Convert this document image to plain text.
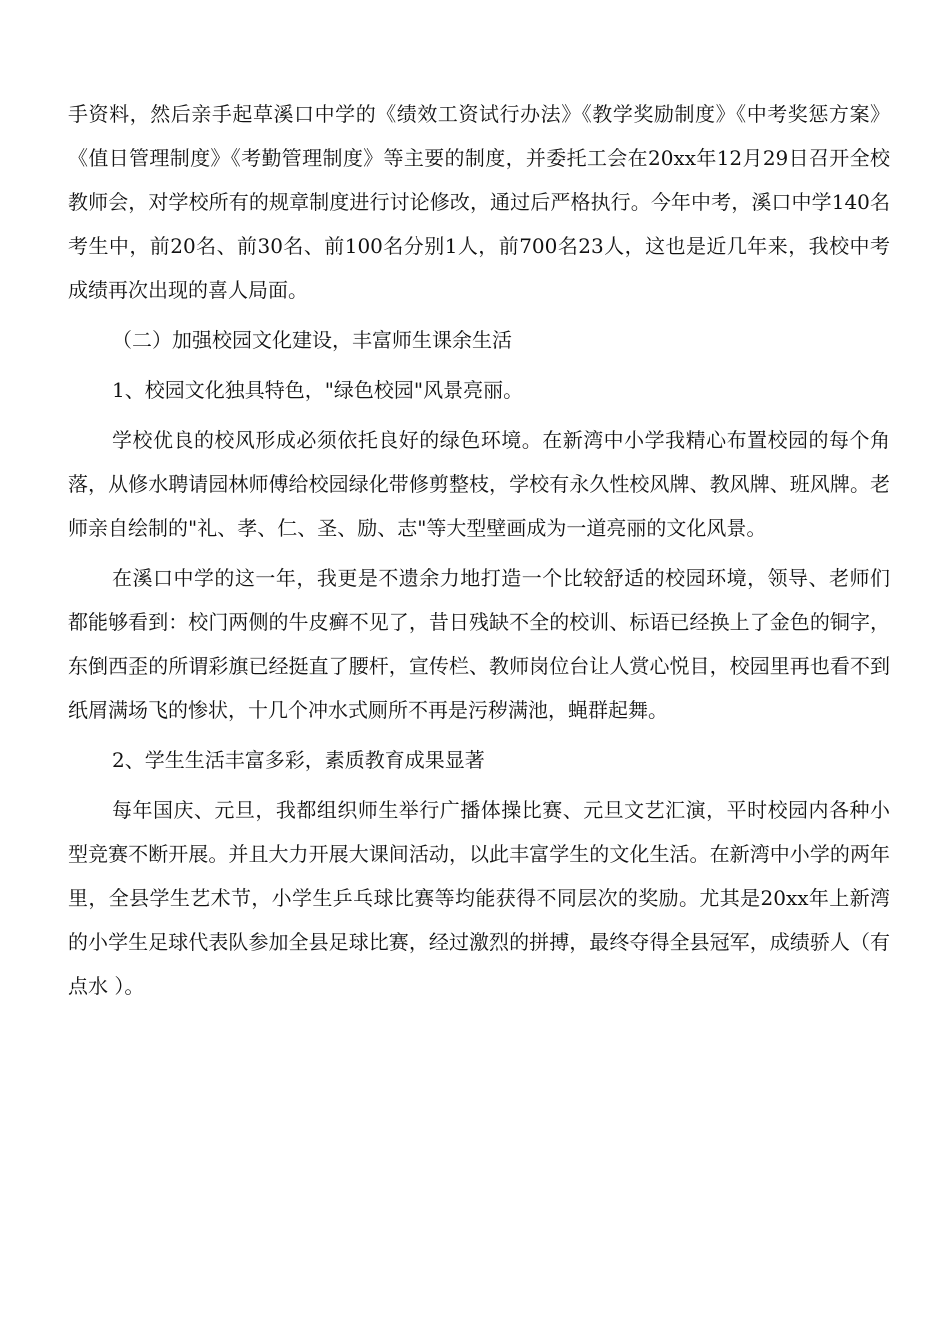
手资料，然后亲手起草溪口中学的《绩效工资试行办法》《教学奖励制度》《中考奖惩方案》《值日管理制度》《考勤管理制度》等主要的制度，并委托工会在20xx年12月29日召开全校教师会，对学校所有的规章制度进行讨论修改，通过后严格执行。今年中考，溪口中学140名考生中，前20名、前30名、前100名分别1人，前700名23人，这也是近几年来，我校中考成绩再次出现的喜人局面。

（二）加强校园文化建设，丰富师生课余生活

1、校园文化独具特色，"绿色校园"风景亮丽。

学校优良的校风形成必须依托良好的绿色环境。在新湾中小学我精心布置校园的每个角落，从修水聘请园林师傅给校园绿化带修剪整枝，学校有永久性校风牌、教风牌、班风牌。老师亲自绘制的"礼、孝、仁、圣、励、志"等大型壁画成为一道亮丽的文化风景。

在溪口中学的这一年，我更是不遗余力地打造一个比较舒适的校园环境，领导、老师们都能够看到：校门两侧的牛皮癣不见了，昔日残缺不全的校训、标语已经换上了金色的铜字，东倒西歪的所谓彩旗已经挺直了腰杆，宣传栏、教师岗位台让人赏心悦目，校园里再也看不到纸屑满场飞的惨状，十几个冲水式厕所不再是污秽满池，蝇群起舞。

2、学生生活丰富多彩，素质教育成果显著

每年国庆、元旦，我都组织师生举行广播体操比赛、元旦文艺汇演，平时校园内各种小型竞赛不断开展。并且大力开展大课间活动，以此丰富学生的文化生活。在新湾中小学的两年里，全县学生艺术节，小学生乒乓球比赛等均能获得不同层次的奖励。尤其是20xx年上新湾的小学生足球代表队参加全县足球比赛，经过激烈的拼搏，最终夺得全县冠军，成绩骄人（有点水 ）。
